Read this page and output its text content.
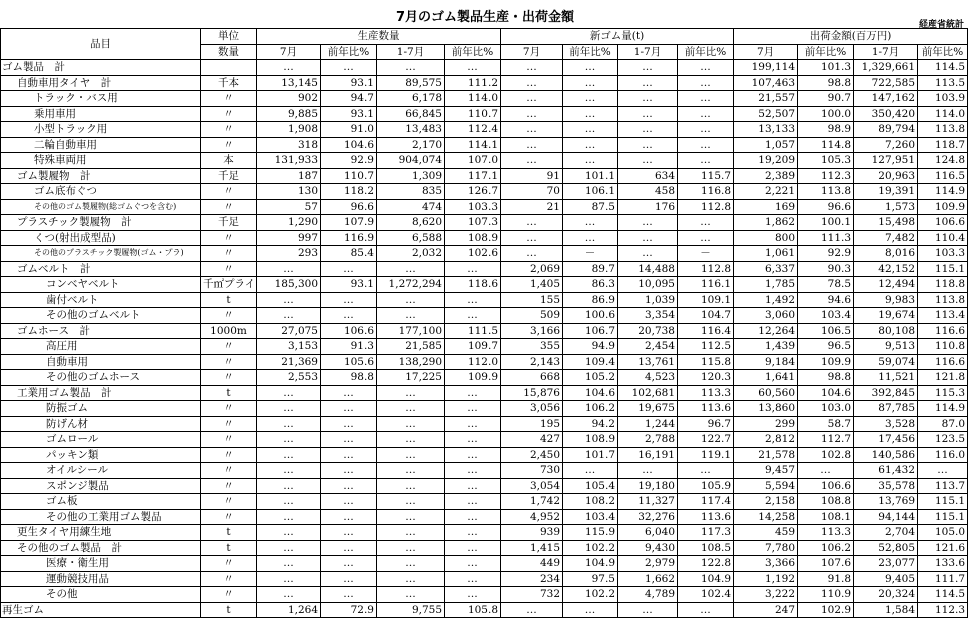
7月のゴム製品生産・出荷金額	経産省統計
品目	単位	生産数量				新ゴム量(t)				出荷金額(百万円)			
	数量	7月	前年比%	1-7月	前年比%	7月	前年比%	1-7月	前年比%	7月	前年比%	1-7月	前年比%
ゴム製品　計		…	…	…	…	…	…	…	…	199,114	101.3	1,329,661	114.5
自動車用タイヤ　計	千本	13,145	93.1	89,575	111.2	…	…	…	…	107,463	98.8	722,585	113.5
トラック・バス用	〃	902	94.7	6,178	114.0	…	…	…	…	21,557	90.7	147,162	103.9
乗用車用	〃	9,885	93.1	66,845	110.7	…	…	…	…	52,507	100.0	350,420	114.0
小型トラック用	〃	1,908	91.0	13,483	112.4	…	…	…	…	13,133	98.9	89,794	113.8
二輪自動車用	〃	318	104.6	2,170	114.1	…	…	…	…	1,057	114.8	7,260	118.7
特殊車両用	本	131,933	92.9	904,074	107.0	…	…	…	…	19,209	105.3	127,951	124.8
ゴム製履物　計	千足	187	110.7	1,309	117.1	91	101.1	634	115.7	2,389	112.3	20,963	116.5
ゴム底布ぐつ	〃	130	118.2	835	126.7	70	106.1	458	116.8	2,221	113.8	19,391	114.9
その他のゴム製履物(総ゴムぐつを含む)	〃	57	96.6	474	103.3	21	87.5	176	112.8	169	96.6	1,573	109.9
プラスチック製履物　計	千足	1,290	107.9	8,620	107.3	…	…	…	…	1,862	100.1	15,498	106.6
くつ(射出成型品)	〃	997	116.9	6,588	108.9	…	…	…	…	800	111.3	7,482	110.4
その他のプラスチック製履物(ゴム・プラ)	〃	293	85.4	2,032	102.6	…	－	…	－	1,061	92.9	8,016	103.3
ゴムベルト　計	〃	…	…	…	…	2,069	89.7	14,488	112.8	6,337	90.3	42,152	115.1
コンベヤベルト	千㎡プライ	185,300	93.1	1,272,294	118.6	1,405	86.3	10,095	116.1	1,785	78.5	12,494	118.8
歯付ベルト	t	…	…	…	…	155	86.9	1,039	109.1	1,492	94.6	9,983	113.8
その他のゴムベルト	〃	…	…	…	…	509	100.6	3,354	104.7	3,060	103.4	19,674	113.4
ゴムホース　計	1000m	27,075	106.6	177,100	111.5	3,166	106.7	20,738	116.4	12,264	106.5	80,108	116.6
高圧用	〃	3,153	91.3	21,585	109.7	355	94.9	2,454	112.5	1,439	96.5	9,513	110.8
自動車用	〃	21,369	105.6	138,290	112.0	2,143	109.4	13,761	115.8	9,184	109.9	59,074	116.6
その他のゴムホース	〃	2,553	98.8	17,225	109.9	668	105.2	4,523	120.3	1,641	98.8	11,521	121.8
工業用ゴム製品　計	t	…	…	…	…	15,876	104.6	102,681	113.3	60,560	104.6	392,845	115.3
防振ゴム	〃	…	…	…	…	3,056	106.2	19,675	113.6	13,860	103.0	87,785	114.9
防げん材	〃	…	…	…	…	195	94.2	1,244	96.7	299	58.7	3,528	87.0
ゴムロール	〃	…	…	…	…	427	108.9	2,788	122.7	2,812	112.7	17,456	123.5
パッキン類	〃	…	…	…	…	2,450	101.7	16,191	119.1	21,578	102.8	140,586	116.0
オイルシール	〃	…	…	…	…	730	…	…	…	9,457	…	61,432	…
スポンジ製品	〃	…	…	…	…	3,054	105.4	19,180	105.9	5,594	106.6	35,578	113.7
ゴム板	〃	…	…	…	…	1,742	108.2	11,327	117.4	2,158	108.8	13,769	115.1
その他の工業用ゴム製品	〃	…	…	…	…	4,952	103.4	32,276	113.6	14,258	108.1	94,144	115.1
更生タイヤ用練生地	t	…	…	…	…	939	115.9	6,040	117.3	459	113.3	2,704	105.0
その他のゴム製品　計	t	…	…	…	…	1,415	102.2	9,430	108.5	7,780	106.2	52,805	121.6
医療・衛生用	〃	…	…	…	…	449	104.9	2,979	122.8	3,366	107.6	23,077	133.6
運動競技用品	〃	…	…	…	…	234	97.5	1,662	104.9	1,192	91.8	9,405	111.7
その他	〃	…	…	…	…	732	102.2	4,789	102.4	3,222	110.9	20,324	114.5
再生ゴム	t	1,264	72.9	9,755	105.8	…	…	…	…	247	102.9	1,584	112.3
